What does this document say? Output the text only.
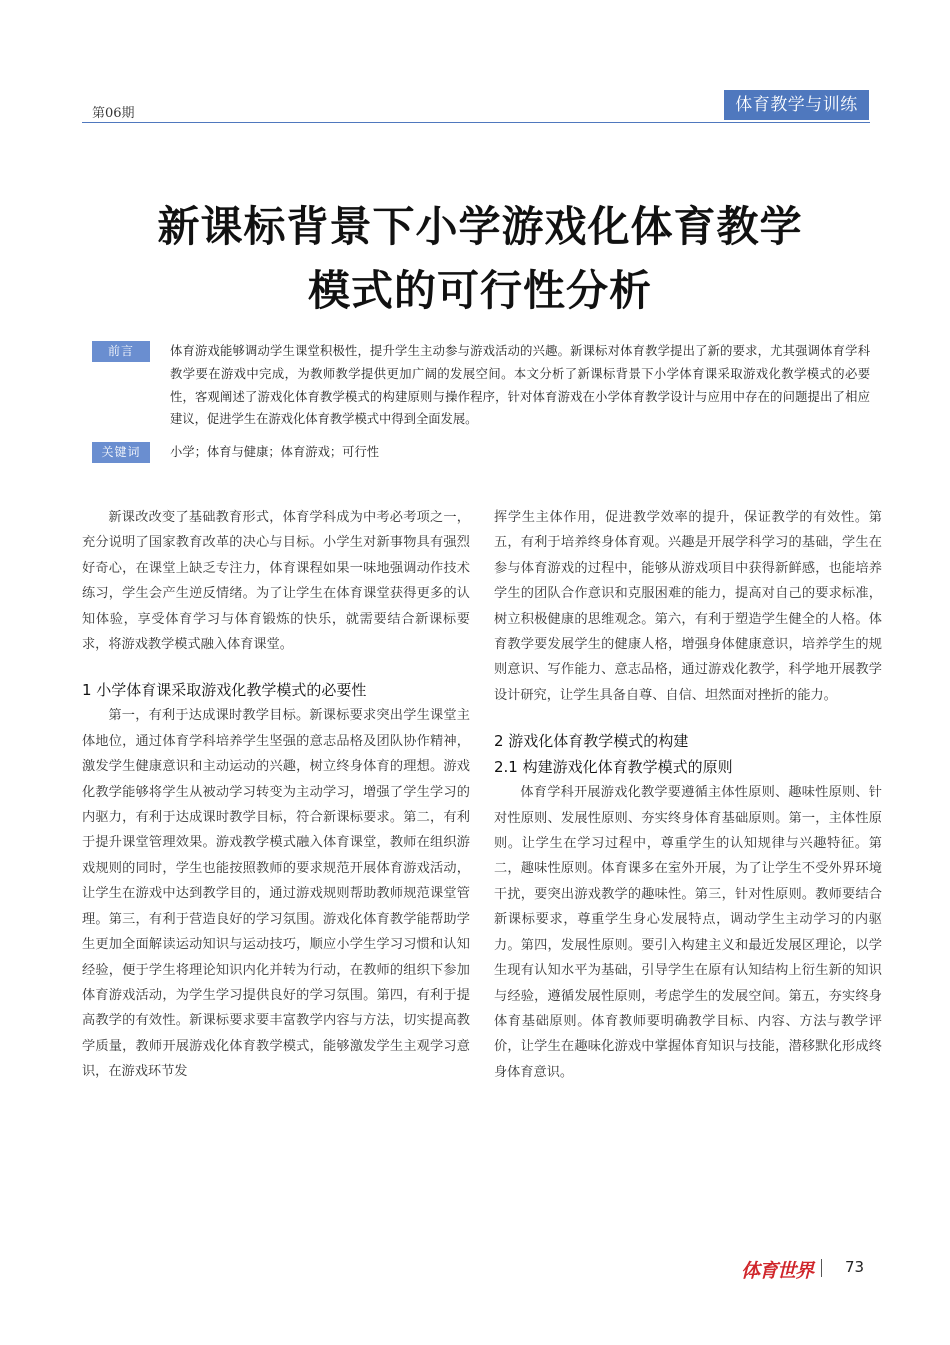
第06期	体育教学与训练
新课标背景下小学游戏化体育教学
模式的可行性分析
前言	体育游戏能够调动学生课堂积极性，提升学生主动参与游戏活动的兴趣。新课标对体育教学提出了新的要求，尤其强调体育学科教学要在游戏中完成，为教师教学提供更加广阔的发展空间。本文分析了新课标背景下小学体育课采取游戏化教学模式的必要性，客观阐述了游戏化体育教学模式的构建原则与操作程序，针对体育游戏在小学体育教学设计与应用中存在的问题提出了相应建议，促进学生在游戏化体育教学模式中得到全面发展。
关键词	小学；体育与健康；体育游戏；可行性

新课改改变了基础教育形式，体育学科成为中考必考项之一，充分说明了国家教育改革的决心与目标。小学生对新事物具有强烈好奇心，在课堂上缺乏专注力，体育课程如果一味地强调动作技术练习，学生会产生逆反情绪。为了让学生在体育课堂获得更多的认知体验，享受体育学习与体育锻炼的快乐，就需要结合新课标要求，将游戏教学模式融入体育课堂。

1 小学体育课采取游戏化教学模式的必要性

第一，有利于达成课时教学目标。新课标要求突出学生课堂主体地位，通过体育学科培养学生坚强的意志品格及团队协作精神，激发学生健康意识和主动运动的兴趣，树立终身体育的理想。游戏化教学能够将学生从被动学习转变为主动学习，增强了学生学习的内驱力，有利于达成课时教学目标，符合新课标要求。第二，有利于提升课堂管理效果。游戏教学模式融入体育课堂，教师在组织游戏规则的同时，学生也能按照教师的要求规范开展体育游戏活动，让学生在游戏中达到教学目的，通过游戏规则帮助教师规范课堂管理。第三，有利于营造良好的学习氛围。游戏化体育教学能帮助学生更加全面解读运动知识与运动技巧，顺应小学生学习习惯和认知经验，便于学生将理论知识内化并转为行动，在教师的组织下参加体育游戏活动，为学生学习提供良好的学习氛围。第四，有利于提高教学的有效性。新课标要求要丰富教学内容与方法，切实提高教学质量，教师开展游戏化体育教学模式，能够激发学生主观学习意识，在游戏环节发

挥学生主体作用，促进教学效率的提升，保证教学的有效性。第五，有利于培养终身体育观。兴趣是开展学科学习的基础，学生在参与体育游戏的过程中，能够从游戏项目中获得新鲜感，也能培养学生的团队合作意识和克服困难的能力，提高对自己的要求标准，树立积极健康的思维观念。第六，有利于塑造学生健全的人格。体育教学要发展学生的健康人格，增强身体健康意识，培养学生的规则意识、写作能力、意志品格，通过游戏化教学，科学地开展教学设计研究，让学生具备自尊、自信、坦然面对挫折的能力。

2 游戏化体育教学模式的构建
2.1 构建游戏化体育教学模式的原则

体育学科开展游戏化教学要遵循主体性原则、趣味性原则、针对性原则、发展性原则、夯实终身体育基础原则。第一，主体性原则。让学生在学习过程中，尊重学生的认知规律与兴趣特征。第二，趣味性原则。体育课多在室外开展，为了让学生不受外界环境干扰，要突出游戏教学的趣味性。第三，针对性原则。教师要结合新课标要求，尊重学生身心发展特点，调动学生主动学习的内驱力。第四，发展性原则。要引入构建主义和最近发展区理论，以学生现有认知水平为基础，引导学生在原有认知结构上衍生新的知识与经验，遵循发展性原则，考虑学生的发展空间。第五，夯实终身体育基础原则。体育教师要明确教学目标、内容、方法与教学评价，让学生在趣味化游戏中掌握体育知识与技能，潜移默化形成终身体育意识。

体育世界 73
